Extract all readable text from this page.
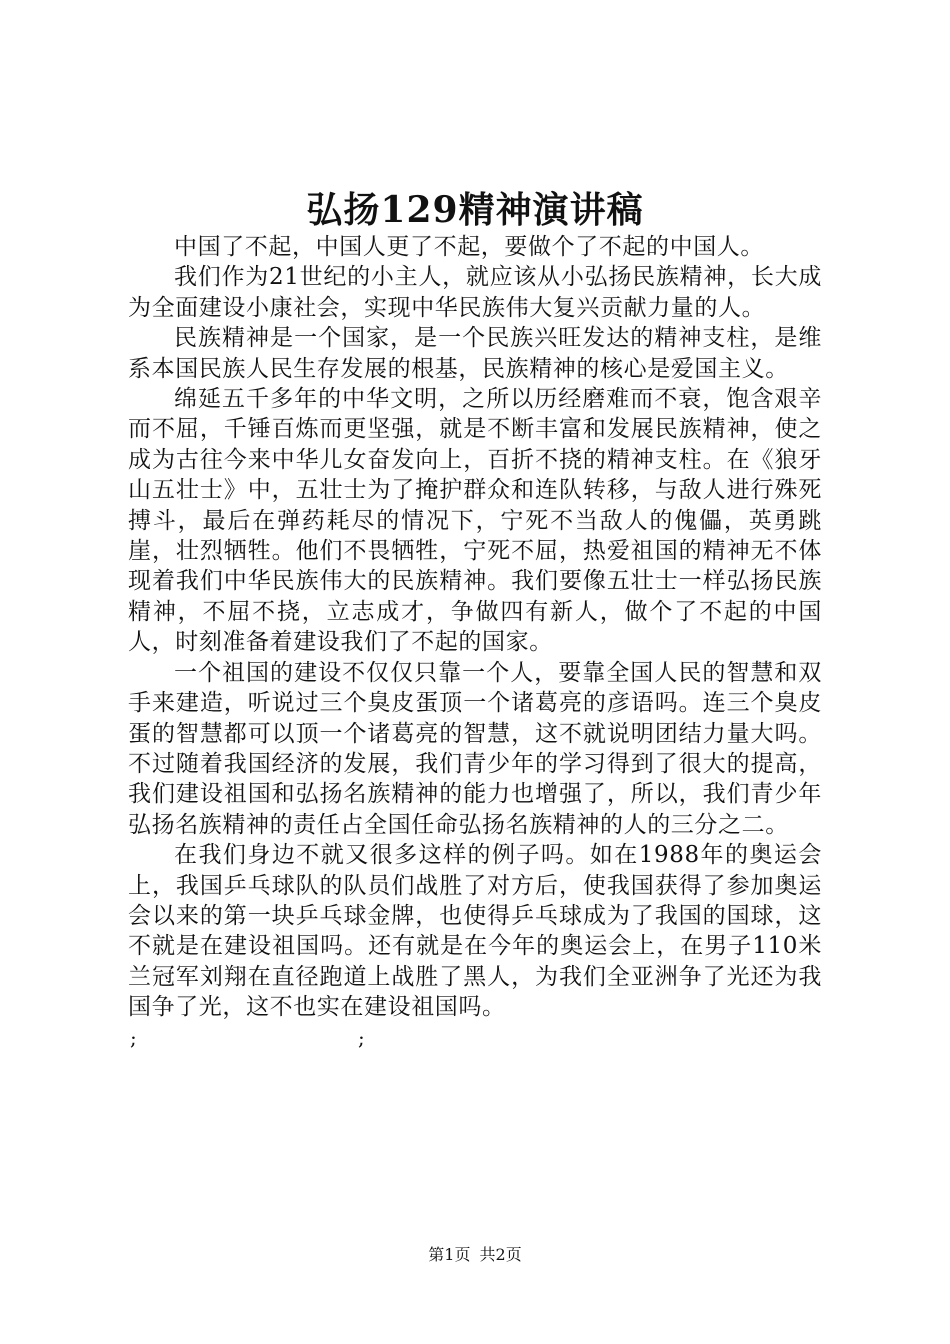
弘扬129精神演讲稿

中国了不起，中国人更了不起，要做个了不起的中国人。

我们作为21世纪的小主人，就应该从小弘扬民族精神，长大成为全面建设小康社会，实现中华民族伟大复兴贡献力量的人。

民族精神是一个国家，是一个民族兴旺发达的精神支柱，是维系本国民族人民生存发展的根基，民族精神的核心是爱国主义。

绵延五千多年的中华文明，之所以历经磨难而不衰，饱含艰辛而不屈，千锤百炼而更坚强，就是不断丰富和发展民族精神，使之成为古往今来中华儿女奋发向上，百折不挠的精神支柱。在《狼牙山五壮士》中，五壮士为了掩护群众和连队转移，与敌人进行殊死搏斗，最后在弹药耗尽的情况下，宁死不当敌人的傀儡，英勇跳崖，壮烈牺牲。他们不畏牺牲，宁死不屈，热爱祖国的精神无不体现着我们中华民族伟大的民族精神。我们要像五壮士一样弘扬民族精神，不屈不挠，立志成才，争做四有新人，做个了不起的中国人，时刻准备着建设我们了不起的国家。

一个祖国的建设不仅仅只靠一个人，要靠全国人民的智慧和双手来建造，听说过三个臭皮蛋顶一个诸葛亮的彦语吗。连三个臭皮蛋的智慧都可以顶一个诸葛亮的智慧，这不就说明团结力量大吗。不过随着我国经济的发展，我们青少年的学习得到了很大的提高，我们建设祖国和弘扬名族精神的能力也增强了，所以，我们青少年弘扬名族精神的责任占全国任命弘扬名族精神的人的三分之二。

在我们身边不就又很多这样的例子吗。如在1988年的奥运会上，我国乒乓球队的队员们战胜了对方后，使我国获得了参加奥运会以来的第一块乒乓球金牌，也使得乒乓球成为了我国的国球，这不就是在建设祖国吗。还有就是在今年的奥运会上，在男子110米兰冠军刘翔在直径跑道上战胜了黑人，为我们全亚洲争了光还为我国争了光，这不也实在建设祖国吗。

;	;
第1页 共2页
